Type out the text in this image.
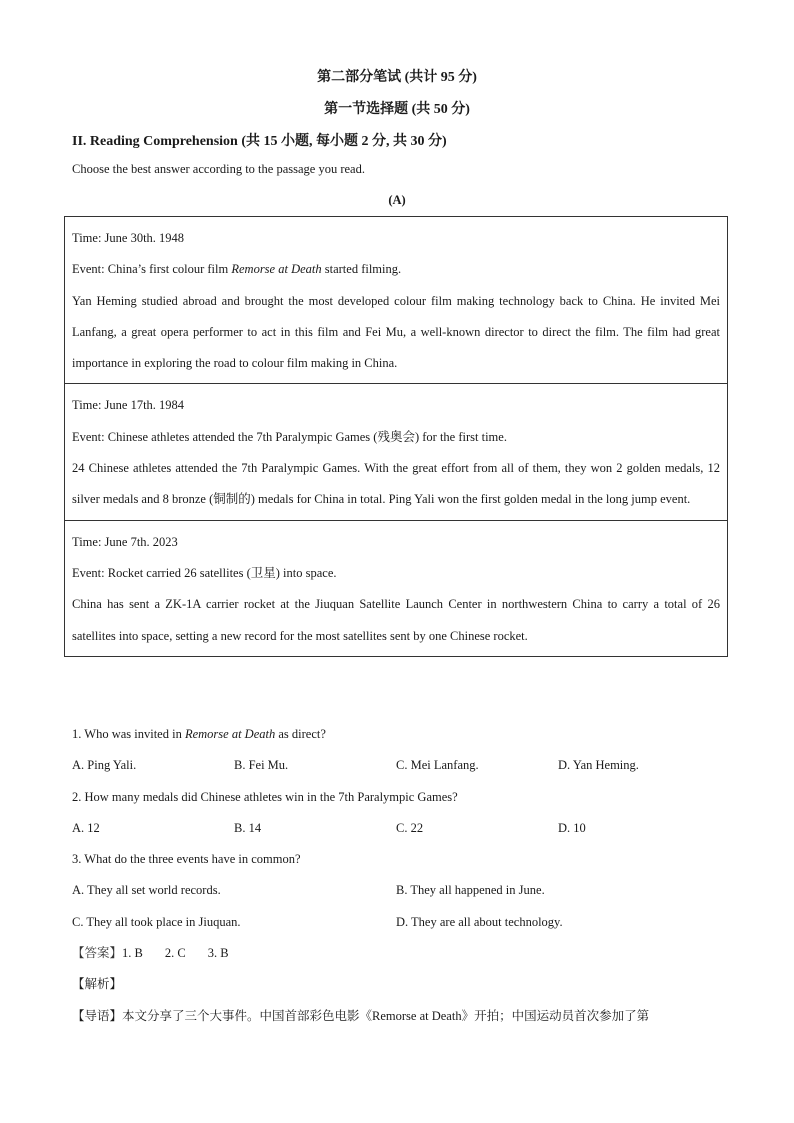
第二部分笔试 (共计 95 分)
第一节选择题 (共 50 分)
II. Reading Comprehension (共 15 小题, 每小题 2 分, 共 30 分)
Choose the best answer according to the passage you read.
(A)
Time: June 30th. 1948
Event: China’s first colour film Remorse at Death started filming.
Yan Heming studied abroad and brought the most developed colour film making technology back to China. He invited Mei Lanfang, a great opera performer to act in this film and Fei Mu, a well-known director to direct the film. The film had great importance in exploring the road to colour film making in China.
Time: June 17th. 1984
Event: Chinese athletes attended the 7th Paralympic Games (残奥会) for the first time.
24 Chinese athletes attended the 7th Paralympic Games. With the great effort from all of them, they won 2 golden medals, 12 silver medals and 8 bronze (铜制的) medals for China in total. Ping Yali won the first golden medal in the long jump event.
Time: June 7th. 2023
Event: Rocket carried 26 satellites (卫星) into space.
China has sent a ZK-1A carrier rocket at the Jiuquan Satellite Launch Center in northwestern China to carry a total of 26 satellites into space, setting a new record for the most satellites sent by one Chinese rocket.
1. Who was invited in Remorse at Death as direct?
A. Ping Yali.	B. Fei Mu.	C. Mei Lanfang.	D. Yan Heming.
2. How many medals did Chinese athletes win in the 7th Paralympic Games?
A. 12	B. 14	C. 22	D. 10
3. What do the three events have in common?
A. They all set world records.	B. They all happened in June.
C. They all took place in Jiuquan.	D. They are all about technology.
【答案】1. B 2. C 3. B
【解析】
【导语】本文分享了三个大事件。中国首部彩色电影《Remorse at Death》开拍；中国运动员首次参加了第
